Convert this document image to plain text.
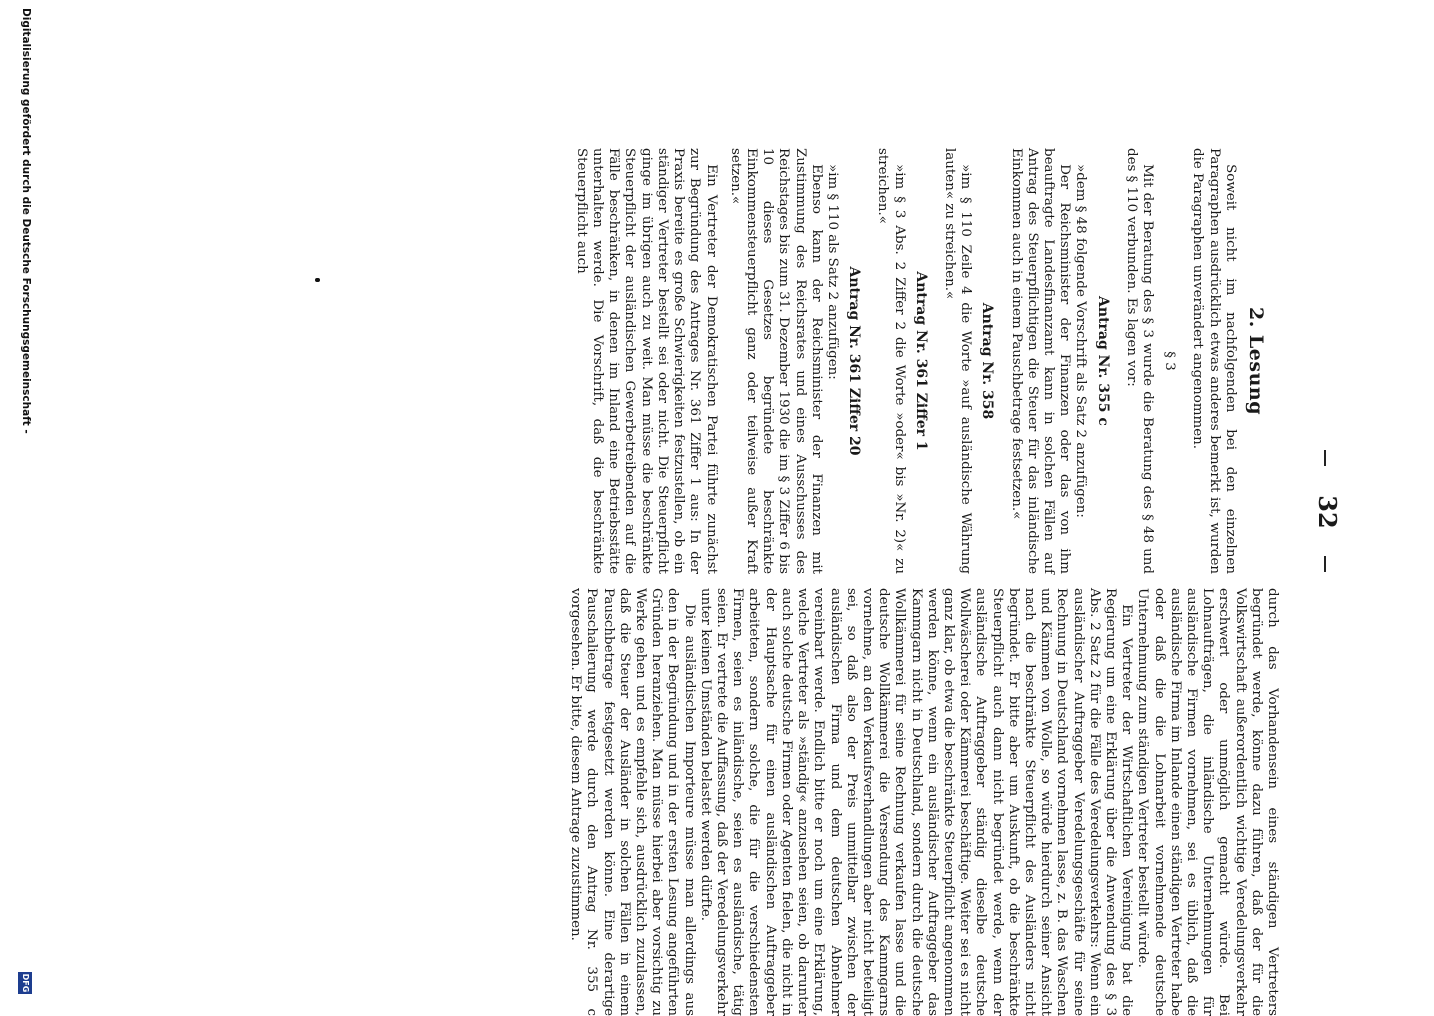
32
2. Lesung

Soweit nicht im nachfolgenden bei den einzelnen Paragraphen ausdrücklich etwas anderes bemerkt ist, wurden die Paragraphen unverändert angenommen.

§ 3

Mit der Beratung des § 3 wurde die Beratung des § 48 und des § 110 verbunden. Es lagen vor:

Antrag Nr. 355 c

»dem § 48 folgende Vorschrift als Satz 2 anzufügen:

Der Reichsminister der Finanzen oder das von ihm beauftragte Landesfinanzamt kann in solchen Fällen auf Antrag des Steuerpflichtigen die Steuer für das inländische Einkommen auch in einem Pauschbetrage festsetzen.«

Antrag Nr. 358

»im § 110 Zeile 4 die Worte »auf ausländische Währung lauten« zu streichen.«

Antrag Nr. 361 Ziffer 1

»im § 3 Abs. 2 Ziffer 2 die Worte »oder« bis »Nr. 2)« zu streichen.«

Antrag Nr. 361 Ziffer 20

»im § 110 als Satz 2 anzufügen:

Ebenso kann der Reichsminister der Finanzen mit Zustimmung des Reichsrates und eines Ausschusses des Reichstages bis zum 31. Dezember 1930 die im § 3 Ziffer 6 bis 10 dieses Gesetzes begründete beschränkte Einkommensteuerpflicht ganz oder teilweise außer Kraft setzen.«

Ein Vertreter der Demokratischen Partei führte zunächst zur Begründung des Antrages Nr. 361 Ziffer 1 aus: In der Praxis bereite es große Schwierigkeiten festzustellen, ob ein ständiger Vertreter bestellt sei oder nicht. Die Steuerpflicht ginge im übrigen auch zu weit. Man müsse die beschränkte Steuerpflicht der ausländischen Gewerbetreibenden auf die Fälle beschränken, in denen im Inland eine Betriebsstätte unterhalten werde. Die Vorschrift, daß die beschränkte Steuerpflicht auch

durch das Vorhandensein eines ständigen Vertreters begründet werde, könne dazu führen, daß der für die Volkswirtschaft außerordentlich wichtige Veredelungsverkehr erschwert oder unmöglich gemacht würde. Bei Lohnaufträgen, die inländische Unternehmungen für ausländische Firmen vornehmen, sei es üblich, daß die ausländische Firma im Inlande einen ständigen Vertreter habe oder daß die die Lohnarbeit vornehmende deutsche Unternehmung zum ständigen Vertreter bestellt würde.

Ein Vertreter der Wirtschaftlichen Vereinigung bat die Regierung um eine Erklärung über die Anwendung des § 3 Abs. 2 Satz 2 für die Fälle des Veredelungsverkehrs: Wenn ein ausländischer Auftraggeber Veredelungsgeschäfte für seine Rechnung in Deutschland vornehmen lasse, z. B. das Waschen und Kämmen von Wolle, so würde hierdurch seiner Ansicht nach die beschränkte Steuerpflicht des Ausländers nicht begründet. Er bitte aber um Auskunft, ob die beschränkte Steuerpflicht auch dann nicht begründet werde, wenn der ausländische Auftraggeber ständig dieselbe deutsche Wollwäscherei oder Kämmerei beschäftige. Weiter sei es nicht ganz klar, ob etwa die beschränkte Steuerpflicht angenommen werden könne, wenn ein ausländischer Auftraggeber das Kammgarn nicht in Deutschland, sondern durch die deutsche Wollkämmerei für seine Rechnung verkaufen lasse und die deutsche Wollkämmerei die Versendung des Kammgarns vornehme, an den Verkaufsverhandlungen aber nicht beteiligt sei, so daß also der Preis unmittelbar zwischen der ausländischen Firma und dem deutschen Abnehmer vereinbart werde. Endlich bitte er noch um eine Erklärung, welche Vertreter als »ständig« anzusehen seien, ob darunter auch solche deutsche Firmen oder Agenten fielen, die nicht in der Hauptsache für einen ausländischen Auftraggeber arbeiteten, sondern solche, die für die verschiedensten Firmen, seien es inländische, seien es ausländische, tätig seien. Er vertrete die Auffassung, daß der Veredelungsverkehr unter keinen Umständen belastet werden dürfte.

Die ausländischen Importeure müsse man allerdings aus den in der Begründung und in der ersten Lesung angeführten Gründen heranziehen. Man müsse hierbei aber vorsichtig zu Werke gehen und es empfehle sich, ausdrücklich zuzulassen, daß die Steuer der Ausländer in solchen Fällen in einem Pauschbetrage festgesetzt werden könne. Eine derartige Pauschalierung werde durch den Antrag Nr. 355 c vorgesehen. Er bitte, diesem Antrage zuzustimmen.

Digitalisierung gefördert durch die Deutsche Forschungsgemeinschaft -
DFG
